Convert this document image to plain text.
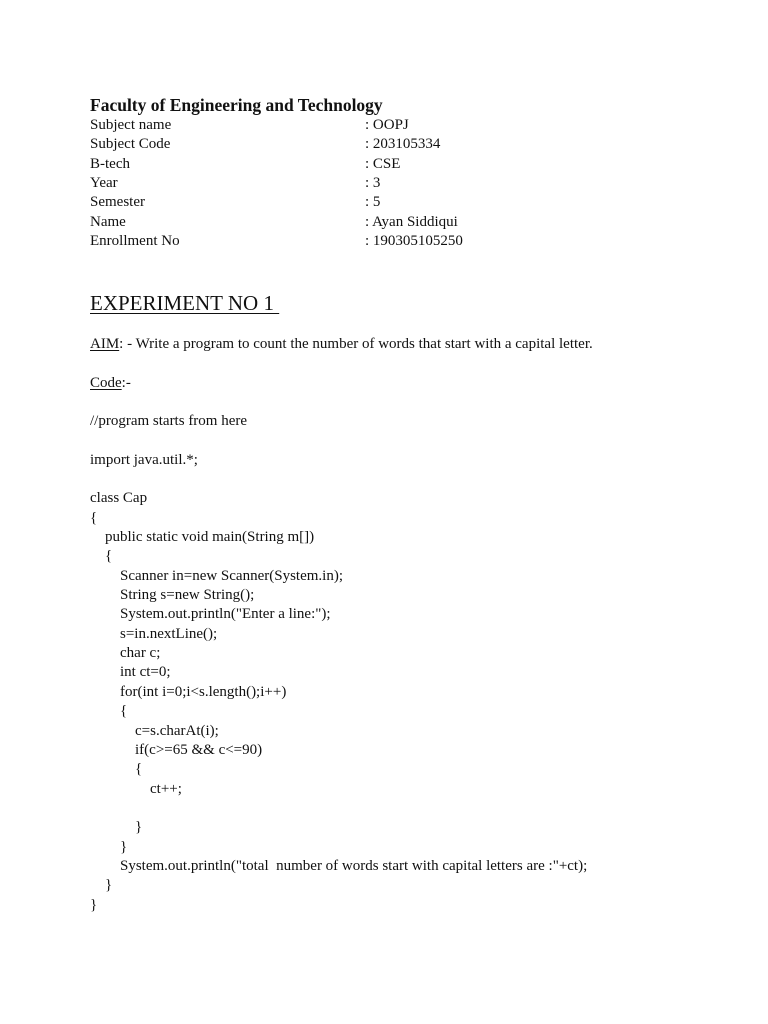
Faculty of Engineering and Technology
Subject name	: OOPJ
Subject Code	: 203105334
B-tech	: CSE
Year	: 3
Semester	: 5
Name	: Ayan Siddiqui
Enrollment No	: 190305105250
EXPERIMENT NO 1
AIM: - Write a program to count the number of words that start with a capital letter.
Code:-
//program starts from here

import java.util.*;

class Cap
{
public static void main(String m[])
{
Scanner in=new Scanner(System.in);
String s=new String();
System.out.println("Enter a line:");
s=in.nextLine();
char c;
int ct=0;
for(int i=0;i<s.length();i++)
{
c=s.charAt(i);
if(c>=65 && c<=90)
{
ct++;

}
}
System.out.println("total  number of words start with capital letters are :"+ct);
}
}
